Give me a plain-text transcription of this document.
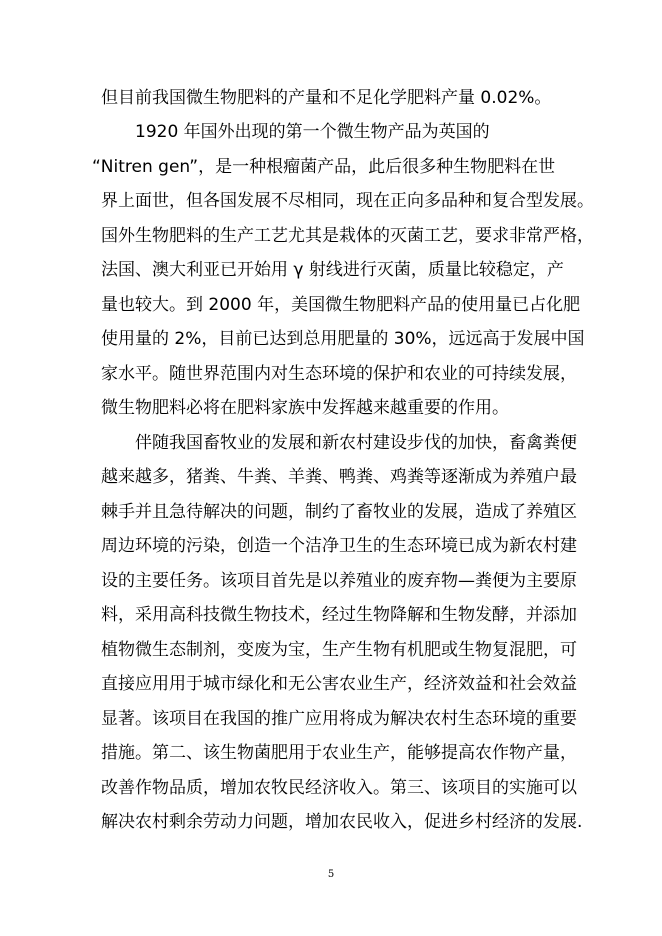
但目前我国微生物肥料的产量和不足化学肥料产量 0.02%。
1920 年国外出现的第一个微生物产品为英国的
“Nitren gen”，是一种根瘤菌产品，此后很多种生物肥料在世
界上面世，但各国发展不尽相同，现在正向多品种和复合型发展。
国外生物肥料的生产工艺尤其是栽体的灭菌工艺，要求非常严格，
法国、澳大利亚已开始用 γ 射线进行灭菌，质量比较稳定，产
量也较大。到 2000 年，美国微生物肥料产品的使用量已占化肥
使用量的 2%，目前已达到总用肥量的 30%，远远高于发展中国
家水平。随世界范围内对生态环境的保护和农业的可持续发展，
微生物肥料必将在肥料家族中发挥越来越重要的作用。
伴随我国畜牧业的发展和新农村建设步伐的加快，畜禽粪便
越来越多，猪粪、牛粪、羊粪、鸭粪、鸡粪等逐渐成为养殖户最
棘手并且急待解决的问题，制约了畜牧业的发展，造成了养殖区
周边环境的污染，创造一个洁净卫生的生态环境已成为新农村建
设的主要任务。该项目首先是以养殖业的废弃物—粪便为主要原
料，采用高科技微生物技术，经过生物降解和生物发酵，并添加
植物微生态制剂，变废为宝，生产生物有机肥或生物复混肥，可
直接应用用于城市绿化和无公害农业生产，经济效益和社会效益
显著。该项目在我国的推广应用将成为解决农村生态环境的重要
措施。第二、该生物菌肥用于农业生产，能够提高农作物产量，
改善作物品质，增加农牧民经济收入。第三、该项目的实施可以
解决农村剩余劳动力问题，增加农民收入，促进乡村经济的发展.
5
